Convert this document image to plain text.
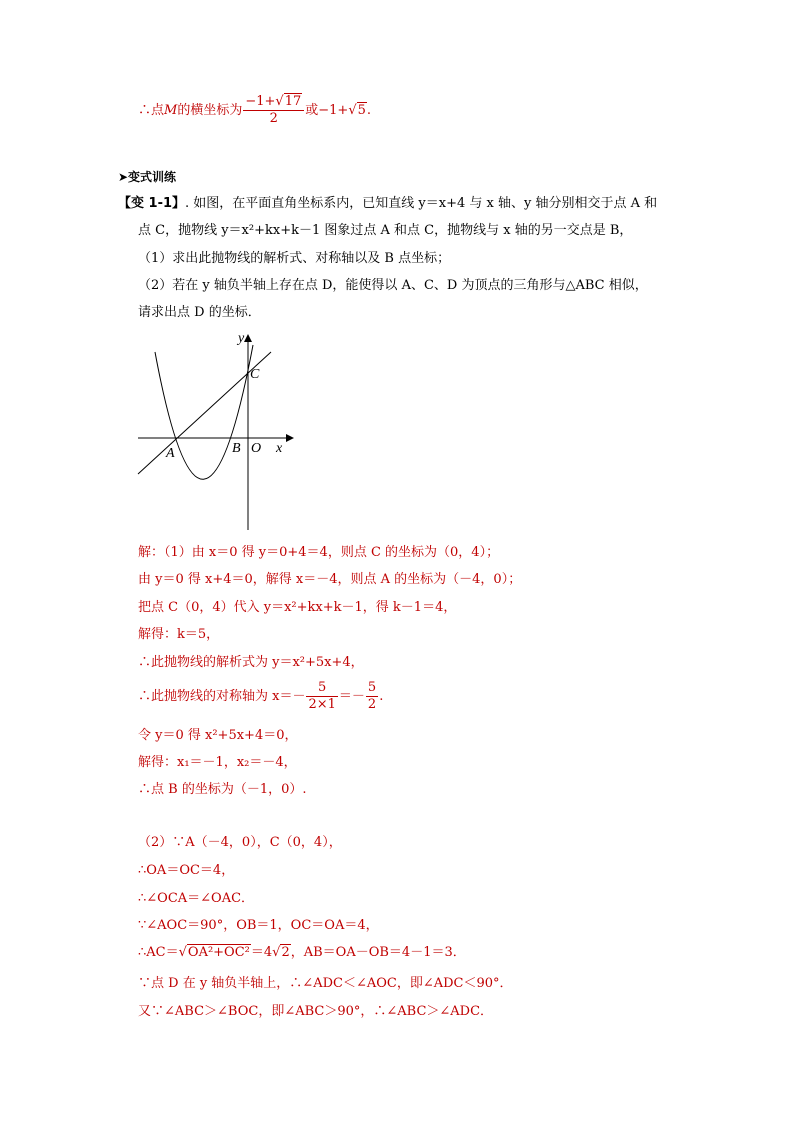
∴点M的横坐标为 $\frac{-1+√17}{2}$ 或−1+√5.
➤变式训练
【变 1-1】. 如图，在平面直角坐标系内，已知直线 y＝x+4 与 x 轴、y 轴分别相交于点 A 和
点 C，抛物线 y＝x²+kx+k－1 图象过点 A 和点 C，抛物线与 x 轴的另一交点是 B，
（1）求出此抛物线的解析式、对称轴以及 B 点坐标；
（2）若在 y 轴负半轴上存在点 D，能使得以 A、C、D 为顶点的三角形与△ABC 相似，
请求出点 D 的坐标．
y
x
C
A	B O
解：（1）由 x＝0 得 y＝0+4＝4，则点 C 的坐标为（0，4）；
由 y＝0 得 x+4＝0，解得 x＝－4，则点 A 的坐标为（－4，0）；
把点 C（0，4）代入 y＝x²+kx+k－1，得 k－1＝4，
解得：k＝5，
∴此抛物线的解析式为 y＝x²+5x+4，
∴此抛物线的对称轴为 $x=- \frac{5}{2\times 1} =- \frac{5}{2}$ .
令 y＝0 得 x²+5x+4＝0，
解得：x₁＝－1，x₂＝－4，
∴点 B 的坐标为（－1，0）.
（2）∵A（－4，0），C（0，4），
∴OA＝OC＝4，
∴∠OCA＝∠OAC．
∵∠AOC＝90°，OB＝1，OC＝OA＝4，
∴AC＝√OA²+OC²＝4√2，AB＝OA－OB＝4－1＝3．
∵点 D 在 y 轴负半轴上，∴∠ADC＜∠AOC，即∠ADC＜90°．
又∵∠ABC＞∠BOC，即∠ABC＞90°，∴∠ABC＞∠ADC．
